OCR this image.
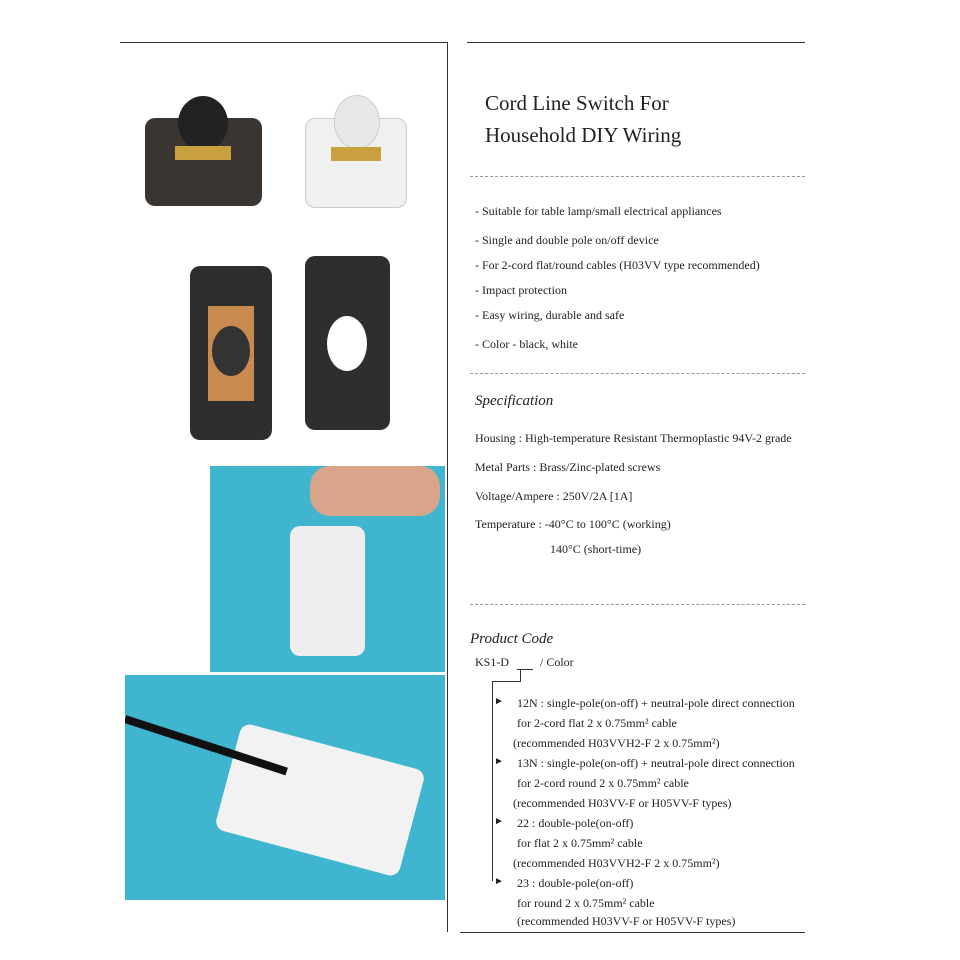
Cord Line Switch For
Household DIY Wiring
- Suitable for table lamp/small electrical appliances
- Single and double pole on/off device
- For 2-cord flat/round cables (H03VV type recommended)
- Impact protection
- Easy wiring, durable and safe
- Color - black, white
Specification
Housing : High-temperature Resistant Thermoplastic 94V-2 grade
Metal Parts : Brass/Zinc-plated screws
Voltage/Ampere : 250V/2A [1A]
Temperature : -40°C to 100°C (working)
140°C (short-time)
Product Code
KS1-D	/ Color
►
►
►
►
12N : single-pole(on-off) + neutral-pole direct connection
for 2-cord flat 2 x 0.75mm² cable
(recommended H03VVH2-F 2 x 0.75mm²)
13N : single-pole(on-off) + neutral-pole direct connection
for 2-cord round 2 x 0.75mm² cable
(recommended H03VV-F or H05VV-F types)
22 : double-pole(on-off)
for flat 2 x 0.75mm² cable
(recommended H03VVH2-F 2 x 0.75mm²)
23 : double-pole(on-off)
for round 2 x 0.75mm² cable
(recommended H03VV-F or H05VV-F types)
